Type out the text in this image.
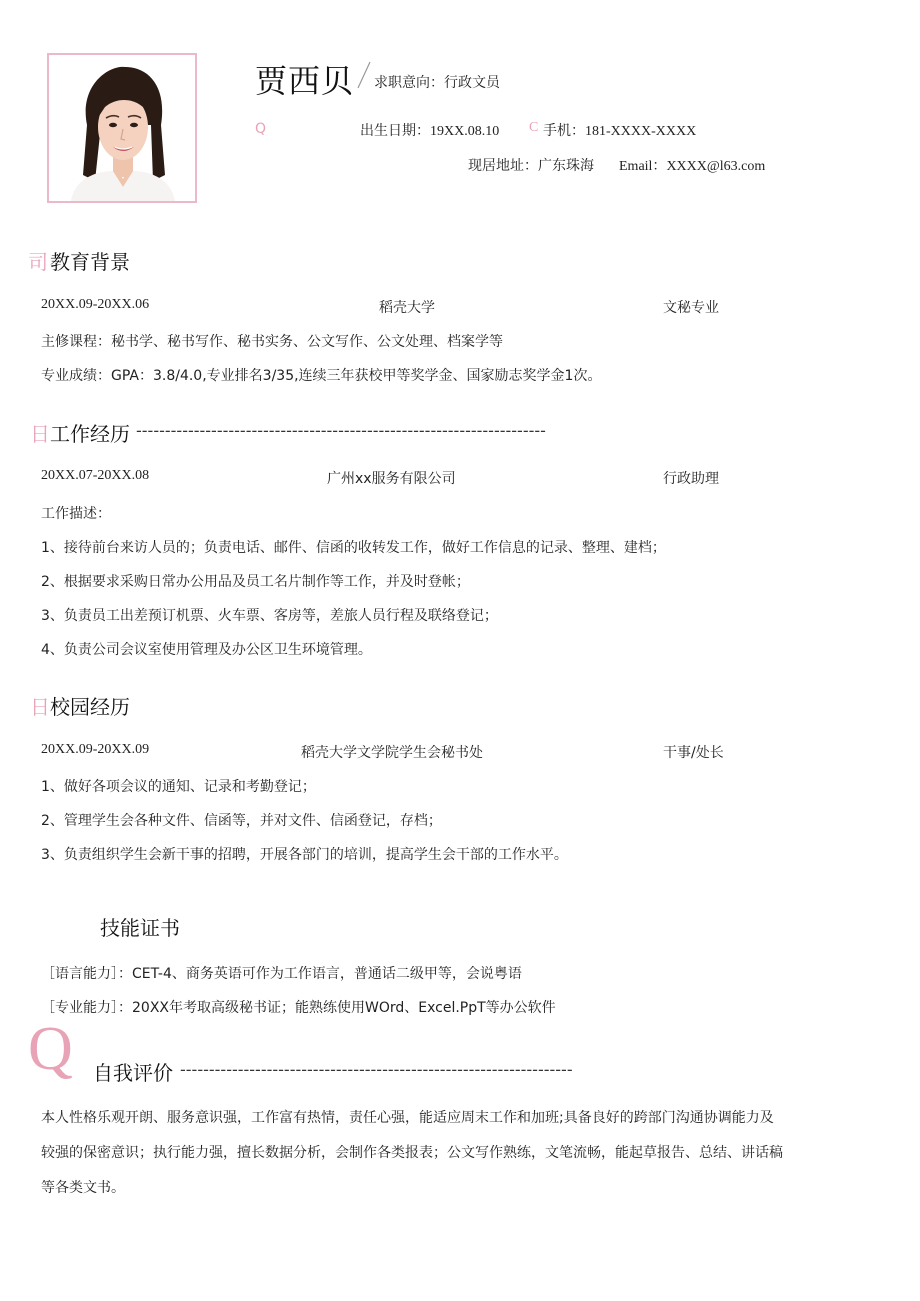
贾西贝 求职意向：行政文员
Q	出生日期：19XX.08.10 C 手机：181-XXXX-XXXX
现居地址：广东珠海 Email：XXXX@l63.com
司 教育背景
20XX.09-20XX.06	稻壳大学	文秘专业
主修课程：秘书学、秘书写作、秘书实务、公文写作、公文处理、档案学等
专业成绩：GPA：3.8/4.0,专业排名3/35,连续三年获校甲等奖学金、国家励志奖学金1次。
日 工作经历 -----------------------------------------------------------------------
20XX.07-20XX.08	广州xx服务有限公司	行政助理
工作描述：
1、接待前台来访人员的；负责电话、邮件、信函的收转发工作，做好工作信息的记录、整理、建档；
2、根据要求采购日常办公用品及员工名片制作等工作，并及时登帐；
3、负责员工出差预订机票、火车票、客房等，差旅人员行程及联络登记；
4、负责公司会议室使用管理及办公区卫生环境管理。
日 校园经历
20XX.09-20XX.09	稻壳大学文学院学生会秘书处	干事/处长
1、做好各项会议的通知、记录和考勤登记；
2、管理学生会各种文件、信函等，并对文件、信函登记，存档；
3、负责组织学生会新干事的招聘，开展各部门的培训，提高学生会干部的工作水平。
技能证书
［语言能力］：CET-4、商务英语可作为工作语言，普通话二级甲等，会说粤语
［专业能力］：20XX年考取高级秘书证；能熟练使用WOrd、Excel.PpT等办公软件
Q 自我评价 --------------------------------------------------------------------
本人性格乐观开朗、服务意识强，工作富有热情，责任心强，能适应周末工作和加班;具备良好的跨部门沟通协调能力及
较强的保密意识；执行能力强，擅长数据分析，会制作各类报表；公文写作熟练，文笔流畅，能起草报告、总结、讲话稿
等各类文书。
